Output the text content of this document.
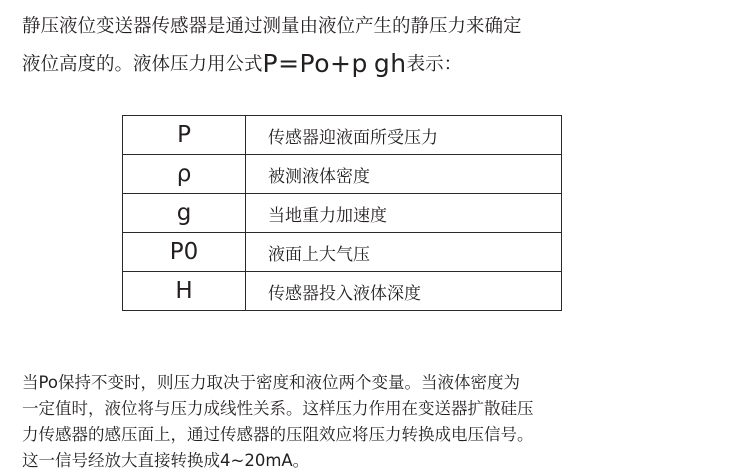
静压液位变送器传感器是通过测量由液位产生的静压力来确定
液位高度的。液体压力用公式P=Po+p gh表示：
P	传感器迎液面所受压力
ρ	被测液体密度
g	当地重力加速度
P0	液面上大气压
H	传感器投入液体深度
当Po保持不变时，则压力取决于密度和液位两个变量。当液体密度为
一定值时，液位将与压力成线性关系。这样压力作用在变送器扩散硅压
力传感器的感压面上，通过传感器的压阻效应将压力转换成电压信号。
这一信号经放大直接转换成4~20mA。
